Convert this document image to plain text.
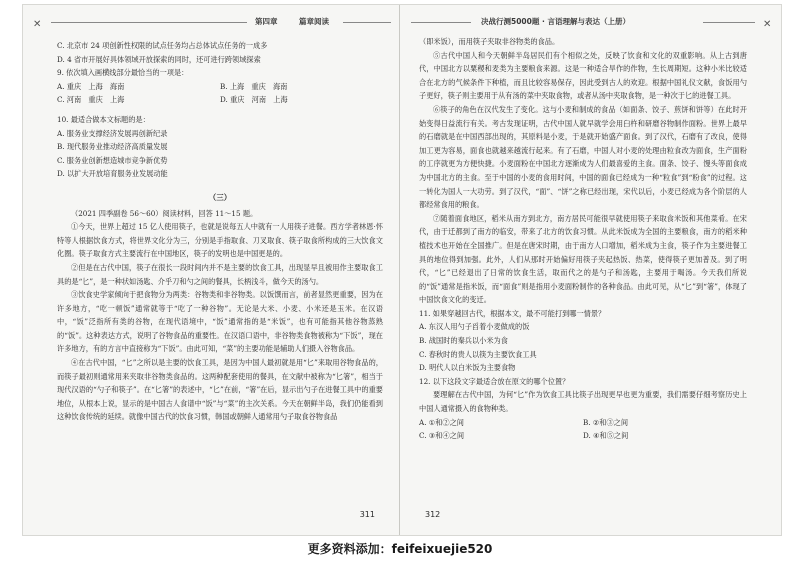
✕	第四章	篇章阅读

C. 北京市 24 项创新性权限的试点任务均占总体试点任务的一成多

D. 4 省市开展好具体领域开放探索的同时，还可进行跨领域探索

9. 依次填入画横线部分最恰当的一项是：

A. 重庆　上海　海南	B. 上海　重庆　海南
C. 河南　重庆　上海	D. 重庆　河南　上海

10. 最适合做本文标题的是：

A. 服务业支撑经济发展再创新纪录

B. 现代服务业推动经济高质量发展

C. 服务业创新想造城市竞争新优势

D. 以扩大开放培育服务业发展动能

（三）

（2021 四季副卷 56～60）阅读材料，回答 11～15 题。

①今天，世界上超过 15 亿人使用筷子，也就是说每五人中就有一人用筷子进餐。西方学者林恩·怀特等人根据饮食方式，将世界文化分为三，分别是手指取食、刀叉取食、筷子取食所构成的三大饮食文化圈。筷子取食方式主要流行在中国地区，筷子的发明也是中国更是的。

②但是在古代中国，筷子在很长一段时间内并不是主要的饮食工具，出现显早且被用作主要取食工具的是“匕”，是一种状如汤匙、介乎刀和勺之间的餐具，长柄浅斗，做今天的汤勺。

③饮食史学家倾向于把食物分为两类：谷物类和非谷物类。以饭馔而言，前者显然更重要，因为在许多地方，“吃一顿饭”通常就等于“吃了一种谷物”。无论是大米、小麦、小米还是玉米。在汉语中，“饭”泛指所有类的谷物，在现代语境中，“饭”通常指的是“米饭”，也有可能指其他谷物蒸熟的“饭”。这种表达方式，说明了谷物食品的重要性。在汉语口语中，非谷物类食物被称为“下饭”，现在许多地方，有的方言中直接称为“下饭”。由此可知，“菜”的主要功能是辅助人们摄入谷物食品。

④在古代中国，“匕”之所以是主要的饮食工具，是因为中国人最初就是用“匕”来取用谷物食品的，而筷子最初则通常用来夹取非谷物类食品的。这两种配套使用的餐具，在文献中被称为“匕箸”，相当于现代汉语的“勺子和筷子”。在“匕箸”的表述中，“匕”在前，“箸”在后，显示出勺子在进餐工具中的重要地位，从根本上说，显示的是中国古人食谱中“饭”与“菜”的主次关系。今天在朝鲜半岛，我们仍能看到这种饮食传统的延续。就像中国古代的饮食习惯，韩国或朝鲜人通常用勺子取食谷物食品

311
决战行测5000题 · 言语理解与表达（上册）	✕

（即米饭），而用筷子夹取非谷物类的食品。

⑤古代中国人和今天朝鲜半岛居民们有个相似之处，反映了饮食和文化的双重影响。从上古到唐代，中国北方以粟稷和麦类为主要粮食来源。这是一种适合旱作的作物，生长周期短。这种小米比较适合在北方的气候条件下种植，而且比较容易保存，因此受到古人的欢迎。根据中国礼仪文献，食饭用勺子更好，筷子则主要用于从有汤的菜中夹取食物，或者从汤中夹取食物，是一种次于匕的进餐工具。

⑥筷子的角色在汉代发生了变化。这与小麦和制成的食品（如面条、饺子、煎饼和饼等）在此时开始变得日益流行有关。考古发现证明，古代中国人就早就学会用臼杵和研磨谷物制作面粉。世界上最早的石磨就是在中国西部出现的，其原料是小麦，于是就开始盛产面食。到了汉代，石磨有了改良，使得加工更为容易，面食也就越来越流行起来。有了石磨，中国人对小麦的处理由粒食改为面食，生产面粉的工序就更为方便快捷。小麦面粉在中国北方逐渐成为人们最喜爱的主食。面条、饺子、馒头等面食成为中国北方的主食。至于中国的小麦的食用时间，中国的面食已经成为一种“粒食”到“粉食”的过程。这一转化为国人一大功劳。到了汉代，“面”、“饼”之称已经出现，宋代以后，小麦已经成为各个阶层的人都经常食用的粮食。

⑦随着面食地区，稻米从南方到北方，南方居民可能很早就使用筷子来取食米饭和其他菜肴。在宋代，由于迁都到了南方的临安，带来了北方的饮食习惯。从此米饭成为全国的主要粮食，南方的稻米种植技术也开始在全国推广。但是在唐宋时期，由于南方人口增加，稻米成为主食，筷子作为主要进餐工具的地位得到加强。此外，人们从那时开始偏好用筷子夹起热饭、热菜，使得筷子更加普及。到了明代，“匕”已经退出了日常的饮食生活，取而代之的是勺子和汤匙，主要用于喝汤。今天我们所说的“饭”通常是指米饭，而“面食”则是指用小麦面粉制作的各种食品。由此可见，从“匕”到“箸”，体现了中国饮食文化的变迁。

11. 如果穿越回古代，根据本文，最不可能打到哪一情景？

A. 东汉人用勺子舀着小麦做成的饭

B. 战国时的秦兵以小米为食

C. 春秋时的贵人以筷为主要饮食工具

D. 明代人以白米饭为主要食物

12. 以下这段文字最适合放在原文的哪个位置？

要理解在古代中国，为何“匕”作为饮食工具比筷子出现更早也更为重要，我们需要仔细考察历史上中国人通常摄入的食物种类。

A. ①和②之间	B. ②和③之间
C. ③和④之间	D. ④和⑤之间
312
更多资料添加：feifeixuejie520
